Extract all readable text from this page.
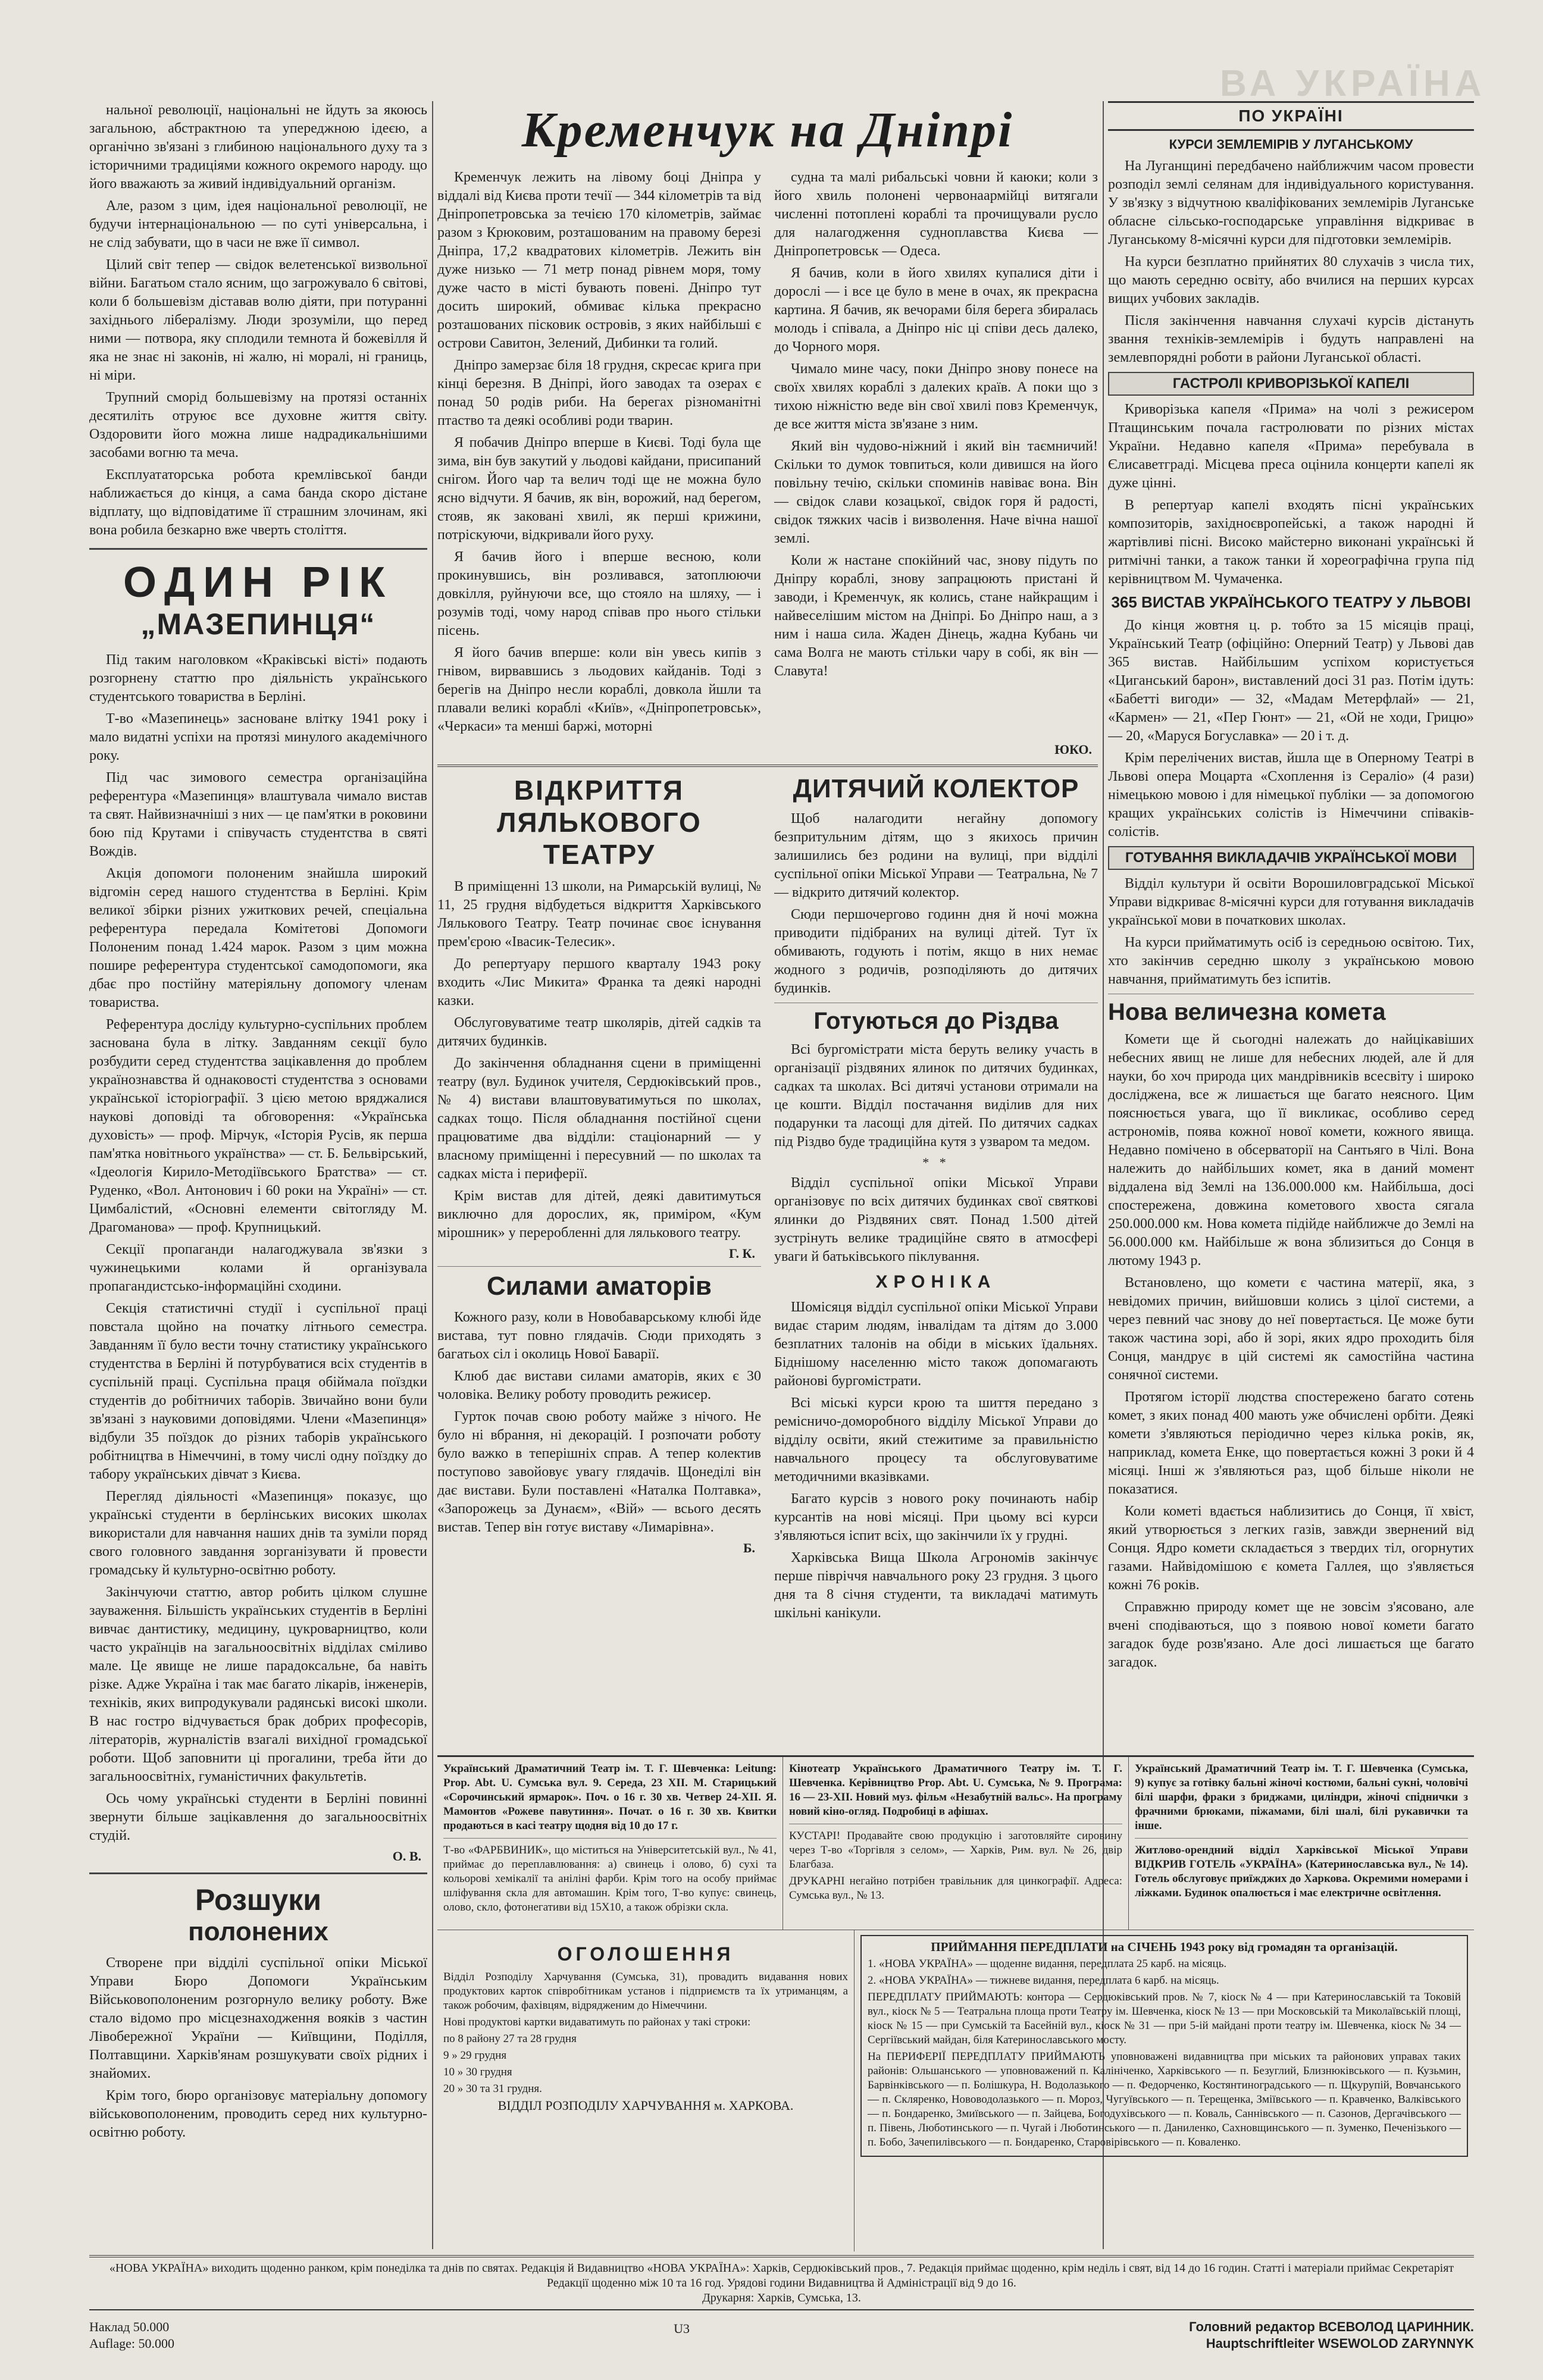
ВА УКРАЇНА

нальної революції, національні не йдуть за якоюсь загальною, абстрактною та упереджною ідеєю, а органічно зв'язані з глибиною національного духу та з історичними традиціями кожного окремого народу. що його вважають за живий індивідуальний організм.

Але, разом з цим, ідея національної революції, не будучи інтернаціональною — по суті універсальна, і не слід забувати, що в часи не вже її символ.

Цілий світ тепер — свідок велетенської визвольної війни. Багатьом стало ясним, що загрожувало 6 світові, коли б большевізм діставав волю діяти, при потуранні західнього лібералізму. Люди зрозуміли, що перед ними — потвора, яку сплодили темнота й божевілля й яка не знає ні законів, ні жалю, ні моралі, ні границь, ні міри.

Трупний сморід большевізму на протязі останніх десятиліть отруює все духовне життя світу. Оздоровити його можна лише надрадикальнішими засобами вогню та меча.

Експлуататорська робота кремлівської банди наближається до кінця, а сама банда скоро дістане відплату, що відповідатиме її страшним злочинам, які вона робила безкарно вже чверть століття.

ОДИН РІК
„МАЗЕПИНЦЯ“

Під таким наголовком «Краківські вісті» подають розгорнену статтю про діяльність українського студентського товариства в Берліні.

Т-во «Мазепинець» засноване влітку 1941 року і мало видатні успіхи на протязі минулого академічного року.

Під час зимового семестра організаційна референтура «Мазепинця» влаштувала чимало вистав та свят. Найвизначніші з них — це пам'ятки в роковини бою під Крутами і співучасть студентства в святі Вождів.

Акція допомоги полоненим знайшла широкий відгомін серед нашого студентства в Берліні. Крім великої збірки різних ужиткових речей, спеціальна референтура передала Комітетові Допомоги Полоненим понад 1.424 марок. Разом з цим можна пошире референтура студентської самодопомоги, яка дбає про постійну матеріяльну допомогу членам товариства.

Референтура досліду культурно-суспільних проблем заснована була в літку. Завданням секції було розбудити серед студентства зацікавлення до проблем українознавства й однаковості студентства з основами української історіографії. З цією метою вряджалися наукові доповіді та обговорення: «Українська духовість» — проф. Мірчук, «Історія Русів, як перша пам'ятка новітнього українства» — ст. Б. Бельвірський, «Ідеологія Кирило-Методіївського Братства» — ст. Руденко, «Вол. Антонович і 60 роки на Україні» — ст. Цимбалістий, «Основні елементи світогляду М. Драгоманова» — проф. Крупницький.

Секції пропаганди налагоджувала зв'язки з чужинецькими колами й організувала пропагандистсько-інформаційні сходини.

Секція статистичні студії і суспільної праці повстала щойно на початку літнього семестра. Завданням її було вести точну статистику українського студентства в Берліні й потурбуватися всіх студентів в суспільній праці. Суспільна праця обіймала поїздки студентів до робітничих таборів. Звичайно вони були зв'язані з науковими доповідями. Члени «Мазепинця» відбули 35 поїздок до різних таборів українського робітництва в Німеччині, в тому числі одну поїздку до табору українських дівчат з Києва.

Перегляд діяльності «Мазепинця» показує, що українські студенти в берлінських високих школах використали для навчання наших днів та зуміли поряд свого головного завдання зорганізувати й провести громадську й культурно-освітню роботу.

Закінчуючи статтю, автор робить цілком слушне зауваження. Більшість українських студентів в Берліні вивчає дантистику, медицину, цукроварництво, коли часто українців на загальноосвітніх відділах сміливо мале. Це явище не лише парадоксальне, ба навіть різке. Адже Україна і так має багато лікарів, інженерів, техніків, яких випродукували радянські високі школи. В нас гостро відчувається брак добрих професорів, літераторів, журналістів взагалі вихідної громадської роботи. Щоб заповнити ці прогалини, треба йти до загальноосвітніх, гуманістичних факультетів.

Ось чому українські студенти в Берліні повинні звернути більше зацікавлення до загальноосвітніх студій.

О. В.
Розшуки
полонених

Створене при відділі суспільної опіки Міської Управи Бюро Допомоги Українським Військовополоненим розгорнуло велику роботу. Вже стало відомо про місцезнаходження вояків з частин Лівобережної України — Київщини, Поділля, Полтавщини. Харків'янам розшукувати своїх рідних і знайомих.

Крім того, бюро організовує матеріальну допомогу військовополоненим, проводить серед них культурно-освітню роботу.

Кременчук на Дніпрі

Кременчук лежить на лівому боці Дніпра у віддалі від Києва проти течії — 344 кілометрів та від Дніпропетровська за течією 170 кілометрів, займає разом з Крюковим, розташованим на правому березі Дніпра, 17,2 квадратових кілометрів. Лежить він дуже низько — 71 метр понад рівнем моря, тому дуже часто в місті бувають повені. Дніпро тут досить широкий, обмиває кілька прекрасно розташованих пісковик островів, з яких найбільші є острови Савитон, Зелений, Дибинки та голий.

Дніпро замерзає біля 18 грудня, скресає крига при кінці березня. В Дніпрі, його заводах та озерах є понад 50 родів риби. На берегах різноманітні птаство та деякі особливі роди тварин.

Я побачив Дніпро вперше в Києві. Тоді була ще зима, він був закутий у льодові кайдани, присипаний снігом. Його чар та велич тоді ще не можна було ясно відчути. Я бачив, як він, ворожий, над берегом, стояв, як заковані хвилі, як перші крижини, потріскуючи, відкривали його руху.

Я бачив його і вперше весною, коли прокинувшись, він розливався, затоплюючи довкілля, руйнуючи все, що стояло на шляху, — і розумів тоді, чому народ співав про нього стільки пісень.

Я його бачив вперше: коли він увесь кипів з гнівом, вирвавшись з льодових кайданів. Тоді з берегів на Дніпро несли кораблі, довкола йшли та плавали великі кораблі «Київ», «Дніпропетровськ», «Черкаси» та менші баржі, моторні

судна та малі рибальські човни й каюки; коли з його хвиль полонені червонаармійці витягали численні потоплені кораблі та прочищували русло для налагодження судноплавства Києва — Дніпропетровськ — Одеса.

Я бачив, коли в його хвилях купалися діти і дорослі — і все це було в мене в очах, як прекрасна картина. Я бачив, як вечорами біля берега збиралась молодь і співала, а Дніпро ніс ці співи десь далеко, до Чорного моря.

Чимало мине часу, поки Дніпро знову понесе на своїх хвилях кораблі з далеких країв. А поки що з тихою ніжністю веде він свої хвилі повз Кременчук, де все життя міста зв'язане з ним.

Який він чудово-ніжний і який він таємничий! Скільки то думок товпиться, коли дивишся на його повільну течію, скільки споминів навіває вона. Він — свідок слави козацької, свідок горя й радості, свідок тяжких часів і визволення. Наче вічна нашої землі.

Коли ж настане спокійний час, знову підуть по Дніпру кораблі, знову запрацюють пристані й заводи, і Кременчук, як колись, стане найкращим і найвеселішим містом на Дніпрі. Бо Дніпро наш, а з ним і наша сила. Жаден Дінець, жадна Кубань чи сама Волга не мають стільки чару в собі, як він — Славута!

ЮКО.
ВІДКРИТТЯ
ЛЯЛЬКОВОГО ТЕАТРУ

В приміщенні 13 школи, на Римарській вулиці, № 11, 25 грудня відбудеться відкриття Харківського Лялькового Театру. Театр починає своє існування прем'єрою «Івасик-Телесик».

До репертуару першого кварталу 1943 року входить «Лис Микита» Франка та деякі народні казки.

Обслуговуватиме театр школярів, дітей садків та дитячих будинків.

До закінчення обладнання сцени в приміщенні театру (вул. Будинок учителя, Сердюківський пров., № 4) вистави влаштовуватимуться по школах, садках тощо. Після обладнання постійної сцени працюватиме два відділи: стаціонарний — у власному приміщенні і пересувний — по школах та садках міста і периферії.

Крім вистав для дітей, деякі давитимуться виключно для дорослих, як, приміром, «Кум мірошник» у переробленні для лялькового театру.

Г. К.
Силами аматорів

Кожного разу, коли в Новобаварському клюбі йде вистава, тут повно глядачів. Сюди приходять з багатьох сіл і околиць Нової Баварії.

Клюб дає вистави силами аматорів, яких є 30 чоловіка. Велику роботу проводить режисер.

Гурток почав свою роботу майже з нічого. Не було ні вбрання, ні декорацій. І розпочати роботу було важко в теперішніх справ. А тепер колектив поступово завойовує увагу глядачів. Щонеділі він дає вистави. Були поставлені «Наталка Полтавка», «Запорожець за Дунаєм», «Вій» — всього десять вистав. Тепер він готує виставу «Лимарівна».

Б.
ДИТЯЧИЙ КОЛЕКТОР

Щоб налагодити негайну допомогу безпритульним дітям, що з якихось причин залишились без родини на вулиці, при відділі суспільної опіки Міської Управи — Театральна, № 7 — відкрито дитячий колектор.

Сюди першочергово годинн дня й ночі можна приводити підібраних на вулиці дітей. Тут їх обмивають, годують і потім, якщо в них немає жодного з родичів, розподіляють до дитячих будинків.

Готуються до Різдва

Всі бургомістрати міста беруть велику участь в організації різдвяних ялинок по дитячих будинках, садках та школах. Всі дитячі установи отримали на це кошти. Відділ постачання виділив для них подарунки та ласощі для дітей. По дитячих садках під Різдво буде традиційна кутя з узваром та медом.

* *

Відділ суспільної опіки Міської Управи організовує по всіх дитячих будинках свої святкові ялинки до Різдвяних свят. Понад 1.500 дітей зустрінуть велике традиційне свято в атмосфері уваги й батьківського піклування.

ХРОНІКА

Шомісяця відділ суспільної опіки Міської Управи видає старим людям, інвалідам та дітям до 3.000 безплатних талонів на обіди в міських їдальнях. Біднішому населенню місто також допомагають районові бургомістрати.

Всі міські курси крою та шиття передано з ремісничо-доморобного відділу Міської Управи до відділу освіти, який стежитиме за правильністю навчального процесу та обслуговуватиме методичними вказівками.

Багато курсів з нового року починають набір курсантів на нові місяці. При цьому всі курси з'являються іспит всіх, що закінчили їх у грудні.

Харківська Вища Школа Агрономів закінчує перше півріччя навчального року 23 грудня. З цього дня та 8 січня студенти, та викладачі матимуть шкільні канікули.

ПО УКРАЇНІ
КУРСИ ЗЕМЛЕМІРІВ У ЛУГАНСЬКОМУ

На Луганщині передбачено найближчим часом провести розподіл землі селянам для індивідуального користування. У зв'язку з відчутною кваліфікованих землемірів Луганське обласне сільсько-господарське управління відкриває в Луганському 8-місячні курси для підготовки землемірів.

На курси безплатно прийнятих 80 слухачів з числа тих, що мають середню освіту, або вчилися на перших курсах вищих учбових закладів.

Після закінчення навчання слухачі курсів дістануть звання техніків-землемірів і будуть направлені на землевпорядні роботи в райони Луганської області.

ГАСТРОЛІ КРИВОРІЗЬКОЇ КАПЕЛІ

Криворізька капеля «Прима» на чолі з режисером Птащинським почала гастролювати по різних містах України. Недавно капеля «Прима» перебувала в Єлисаветграді. Місцева преса оцінила концерти капелі як дуже цінні.

В репертуар капелі входять пісні українських композиторів, західноєвропейські, а також народні й жартівливі пісні. Високо майстерно виконані українські й ритмічні танки, а також танки й хореографічна група під керівництвом М. Чумаченка.

365 ВИСТАВ УКРАЇНСЬКОГО ТЕАТРУ У ЛЬВОВІ

До кінця жовтня ц. р. тобто за 15 місяців праці, Український Театр (офіційно: Оперний Театр) у Львові дав 365 вистав. Найбільшим успіхом користується «Циганський барон», виставлений досі 31 раз. Потім ідуть: «Бабетті вигоди» — 32, «Мадам Метерфлай» — 21, «Кармен» — 21, «Пер Гюнт» — 21, «Ой не ходи, Грицю» — 20, «Маруся Богуславка» — 20 і т. д.

Крім перелічених вистав, йшла ще в Оперному Театрі в Львові опера Моцарта «Схоплення із Сераліо» (4 рази) німецькою мовою і для німецької публіки — за допомогою кращих українських солістів із Німеччини співаків-солістів.

ГОТУВАННЯ ВИКЛАДАЧІВ УКРАЇНСЬКОЇ МОВИ

Відділ культури й освіти Ворошиловградської Міської Управи відкриває 8-місячні курси для готування викладачів української мови в початкових школах.

На курси прийматимуть осіб із середньою освітою. Тих, хто закінчив середню школу з українською мовою навчання, прийматимуть без іспитів.

Нова величезна комета

Комети ще й сьогодні належать до найцікавіших небесних явищ не лише для небесних людей, але й для науки, бо хоч природа цих мандрівників всесвіту і широко досліджена, все ж лишається ще багато неясного. Цим пояснюється увага, що її викликає, особливо серед астрономів, поява кожної нової комети, кожного явища. Недавно помічено в обсерваторії на Сантьяго в Чілі. Вона належить до найбільших комет, яка в даний момент віддалена від Землі на 136.000.000 км. Найбільша, досі спостережена, довжина кометового хвоста сягала 250.000.000 км. Нова комета підійде найближче до Землі на 56.000.000 км. Найбільше ж вона зблизиться до Сонця в лютому 1943 р.

Встановлено, що комети є частина матерії, яка, з невідомих причин, вийшовши колись з цілої системи, а через певний час знову до неї повертається. Це може бути також частина зорі, або й зорі, яких ядро проходить біля Сонця, мандрує в цій системі як самостійна частина сонячної системи.

Протягом історії людства спостережено багато сотень комет, з яких понад 400 мають уже обчислені орбіти. Деякі комети з'являються періодично через кілька років, як, наприклад, комета Енке, що повертається кожні 3 роки й 4 місяці. Інші ж з'являються раз, щоб більше ніколи не показатися.

Коли кометі вдається наблизитись до Сонця, її хвіст, який утворюється з легких газів, завжди звернений від Сонця. Ядро комети складається з твердих тіл, огорнутих газами. Найвідомішою є комета Галлея, що з'являється кожні 76 років.

Справжню природу комет ще не зовсім з'ясовано, але вчені сподіваються, що з появою нової комети багато загадок буде розв'язано. Але досі лишається ще багато загадок.

Український Драматичний Театр ім. Т. Г. Шевченка: Leitung: Prop. Abt. U. Сумська вул. 9. Середа, 23 ХІІ. М. Старицький «Сорочинський ярмарок». Поч. о 16 г. 30 хв. Четвер 24-ХІІ. Я. Мамонтов «Рожеве павутиння». Почат. о 16 г. 30 хв. Квитки продаються в касі театру щодня від 10 до 17 г.

Т-во «ФАРБВИНИК», що міститься на Університетській вул., № 41, приймає до переплавлювання: а) свинець і олово, б) сухі та кольорові хемікалії та аніліні фарби. Крім того на особу приймає шліфування скла для автомашин. Крім того, Т-во купує: свинець, олово, скло, фотонегативи від 15Х10, а також обрізки скла.

Кінотеатр Українського Драматичного Театру ім. Т. Г. Шевченка. Керівництво Prop. Abt. U. Сумська, № 9. Програма: 16 — 23-XII. Новий муз. фільм «Незабутній вальс». На програму новий кіно-огляд. Подробиці в афішах.

КУСТАРІ! Продавайте свою продукцію і заготовляйте сировину через Т-во «Торгівля з селом», — Харків, Рим. вул. № 26, двір Благбаза.

ДРУКАРНІ негайно потрібен травільник для цинкографії. Адреса: Сумська вул., № 13.

Український Драматичний Театр ім. Т. Г. Шевченка (Сумська, 9) купує за готівку бальні жіночі костюми, бальні сукні, чоловічі білі шарфи, фраки з бриджами, циліндри, жіночі спіднички з фрачними брюками, піжамами, білі шалі, білі рукавички та інше.

Житлово-орендний відділ Харківської Міської Управи ВІДКРИВ ГОТЕЛЬ «УКРАЇНА» (Катеринославська вул., № 14). Готель обслуговує приїжджих до Харкова. Окремими номерами і ліжками. Будинок опалюється і має електричне освітлення.

ОГОЛОШЕННЯ

Відділ Розподілу Харчування (Сумська, 31), провадить видавання нових продуктових карток співробітникам установ і підприємств та їх утриманцям, а також робочим, фахівцям, відрядженим до Німеччини.

Нові продуктові картки видаватимуть по районах у такі строки:

по 8 району 27 та 28 грудня

9 » 29 грудня

10 » 30 грудня

20 » 30 та 31 грудня.

ВІДДІЛ РОЗПОДІЛУ ХАРЧУВАННЯ м. ХАРКОВА.

ПРИЙМАННЯ ПЕРЕДПЛАТИ на СІЧЕНЬ 1943 року від громадян та організацій.

1. «НОВА УКРАЇНА» — щоденне видання, передплата 25 карб. на місяць.

2. «НОВА УКРАЇНА» — тижневе видання, передплата 6 карб. на місяць.

ПЕРЕДПЛАТУ ПРИЙМАЮТЬ: контора — Сердюківський пров. № 7, кіоск № 4 — при Катеринославській та Токовій вул., кіоск № 5 — Театральна площа проти Театру ім. Шевченка, кіоск № 13 — при Московській та Миколаївській площі, кіоск № 15 — при Сумській та Басейній вул., кіоск № 31 — при 5-ій майдані проти театру ім. Шевченка, кіоск № 34 — Сергіївський майдан, біля Катеринославського мосту.

На ПЕРИФЕРІЇ ПЕРЕДПЛАТУ ПРИЙМАЮТЬ уповноважені видавництва при міських та районових управах таких районів: Ольшанського — уповноважений п. Калініченко, Харківського — п. Безуглий, Близнюківського — п. Кузьмин, Барвінківського — п. Болішкура, Н. Водолазького — п. Федорченко, Костянтиноградського — п. Щкурупій, Вовчанського — п. Скляренко, Нововодолазького — п. Мороз, Чугуївського — п. Терещенка, Зміївського — п. Кравченко, Валківського — п. Бондаренко, Змиївського — п. Зайцева, Богодухівського — п. Коваль, Саннівського — п. Сазонов, Дергачівського — п. Півень, Люботинського — п. Чугай і Люботинського — п. Даниленко, Сахновщинського — п. Зуменко, Печенізького — п. Бобо, Зачепилівського — п. Бондаренко, Старовірівського — п. Коваленко.

«НОВА УКРАЇНА» виходить щоденно ранком, крім понеділка та днів по святах. Редакція й Видавництво «НОВА УКРАЇНА»: Харків, Сердюківський пров., 7. Редакція приймає щоденно, крім неділь і свят, від 14 до 16 годин. Статті і матеріали приймає Секретаріят Редакції щоденно між 10 та 16 год. Урядові години Видавництва й Адміністрації від 9 до 16.

Друкарня: Харків, Сумська, 13.

Наклад 50.000
Auflage: 50.000
U3	Головний редактор ВСЕВОЛОД ЦАРИННИК.
Hauptschriftleiter WSEWOLOD ZARYNNYK
